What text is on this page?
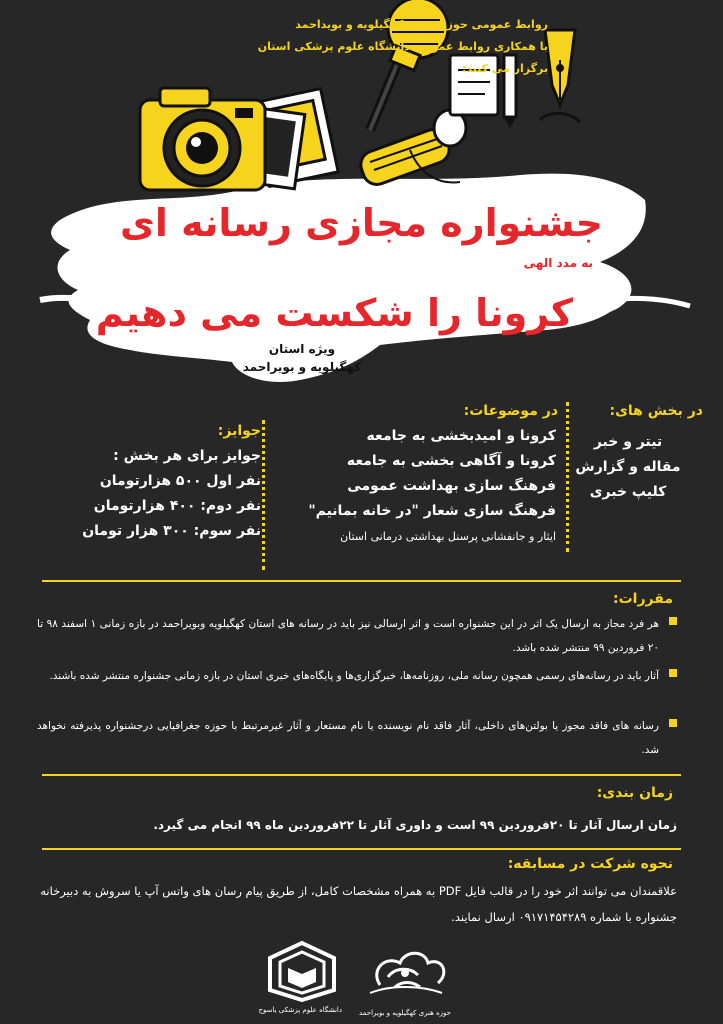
روابط عمومی حوزه هنری کهگیلویه و بویداحمد
با همکاری روابط عمومی دانشگاه علوم پزشکی استان
برگزار می کنند:
جشنواره مجازی رسانه ای
به مدد الهی
کرونا را شکست می دهیم
ویژه استان
کهگیلویه و بویراحمد
در بخش های:
تیتر و خبر
مقاله و گزارش
کلیپ خبری
در موضوعات:
کرونا و امیدبخشی به جامعه
کرونا و آگاهی بخشی به جامعه
فرهنگ سازی بهداشت عمومی
فرهنگ سازی شعار "در خانه بمانیم"
ایثار و جانفشانی پرسنل بهداشتی درمانی استان
جوایز:
جوایز برای هر بخش :
نفر اول ۵۰۰ هزارتومان
نفر دوم: ۴۰۰ هزارتومان
نفر سوم: ۳۰۰ هزار تومان
مقررات:
هر فرد مجاز به ارسال یک اثر در این جشنواره است و اثر ارسالی نیز باید در رسانه های استان کهگیلویه وبویراحمد در بازه زمانی ۱ اسفند ۹۸ تا ۲۰ فروردین ۹۹ منتشر شده باشد.
آثار باید در رسانه‌های رسمی همچون رسانه ملی، روزنامه‌ها، خبرگزاری‌ها و پایگاه‌های خبری استان در بازه زمانی جشنواره منتشر شده باشند.
رسانه های فاقد مجوز یا بولتن‌های داخلی، آثار فاقد نام نویسنده یا نام مستعار و آثار غیرمرتبط با حوزه جغرافیایی درجشنواره پذیرفته نخواهد شد.
زمان بندی:
زمان ارسال آثار تا ۲۰فروردین ۹۹ است و داوری آثار تا ۲۲فروردین ماه ۹۹ انجام می گیرد.
نحوه شرکت در مسابقه:
علاقمندان می توانند اثر خود را در قالب فایل PDF به همراه مشخصات کامل، از طریق پیام رسان های واتس آپ یا سروش به دبیرخانه جشنواره با شماره ۰۹۱۷۱۴۵۴۲۸۹ ارسال نمایند.
دانشگاه علوم پزشکی یاسوج	حوزه هنری کهگیلویه و بویراحمد
